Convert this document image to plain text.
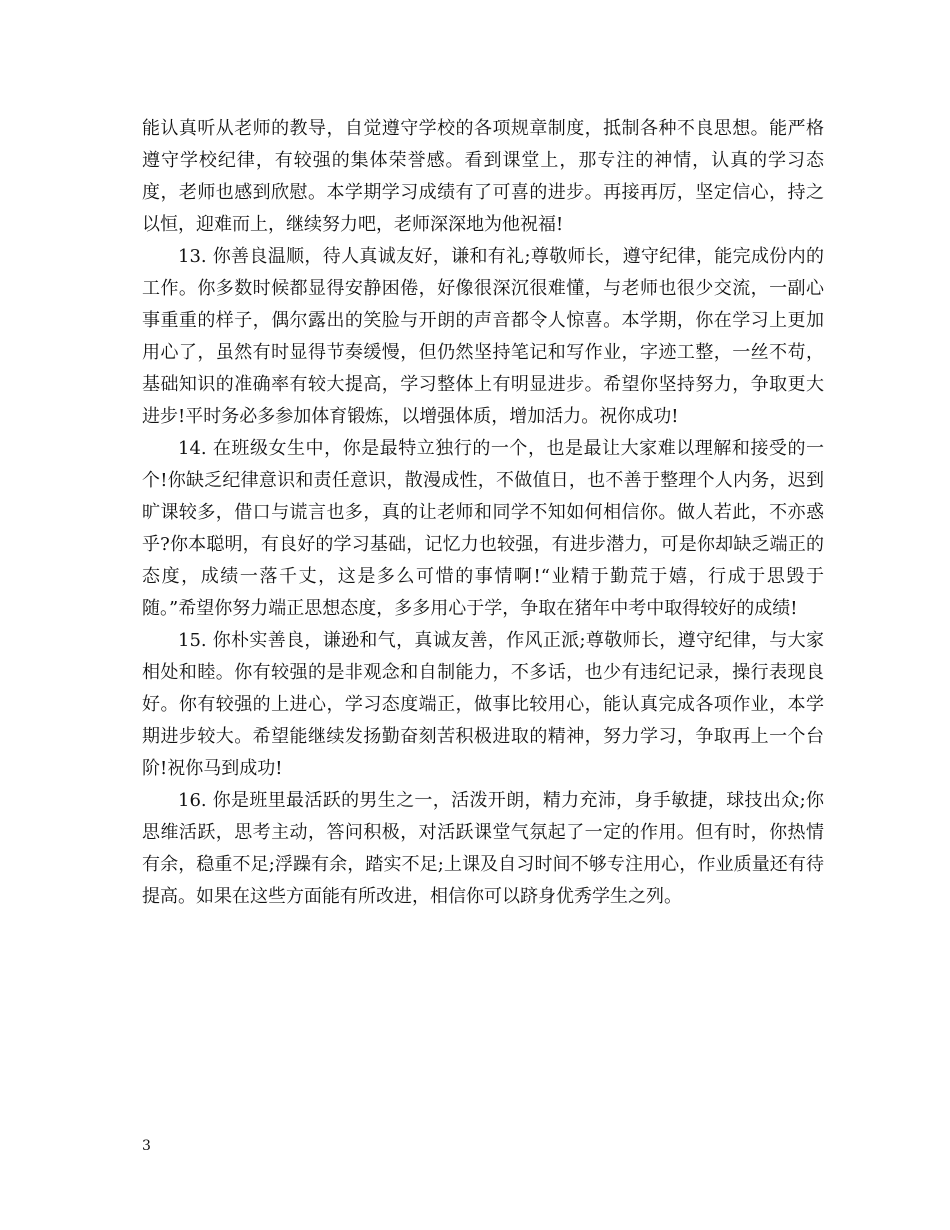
能认真听从老师的教导，自觉遵守学校的各项规章制度，抵制各种不良思想。能严格遵守学校纪律，有较强的集体荣誉感。看到课堂上，那专注的神情，认真的学习态度，老师也感到欣慰。本学期学习成绩有了可喜的进步。再接再厉，坚定信心，持之以恒，迎难而上，继续努力吧，老师深深地为他祝福!

13. 你善良温顺，待人真诚友好，谦和有礼;尊敬师长，遵守纪律，能完成份内的工作。你多数时候都显得安静困倦，好像很深沉很难懂，与老师也很少交流，一副心事重重的样子，偶尔露出的笑脸与开朗的声音都令人惊喜。本学期，你在学习上更加用心了，虽然有时显得节奏缓慢，但仍然坚持笔记和写作业，字迹工整，一丝不苟，基础知识的准确率有较大提高，学习整体上有明显进步。希望你坚持努力，争取更大进步!平时务必多参加体育锻炼，以增强体质，增加活力。祝你成功!

14. 在班级女生中，你是最特立独行的一个，也是最让大家难以理解和接受的一个!你缺乏纪律意识和责任意识，散漫成性，不做值日，也不善于整理个人内务，迟到旷课较多，借口与谎言也多，真的让老师和同学不知如何相信你。做人若此，不亦惑乎?你本聪明，有良好的学习基础，记忆力也较强，有进步潜力，可是你却缺乏端正的态度，成绩一落千丈，这是多么可惜的事情啊!“业精于勤荒于嬉，行成于思毁于随。”希望你努力端正思想态度，多多用心于学，争取在猪年中考中取得较好的成绩!

15. 你朴实善良，谦逊和气，真诚友善，作风正派;尊敬师长，遵守纪律，与大家相处和睦。你有较强的是非观念和自制能力，不多话，也少有违纪记录，操行表现良好。你有较强的上进心，学习态度端正，做事比较用心，能认真完成各项作业，本学期进步较大。希望能继续发扬勤奋刻苦积极进取的精神，努力学习，争取再上一个台阶!祝你马到成功!

16. 你是班里最活跃的男生之一，活泼开朗，精力充沛，身手敏捷，球技出众;你思维活跃，思考主动，答问积极，对活跃课堂气氛起了一定的作用。但有时，你热情有余，稳重不足;浮躁有余，踏实不足;上课及自习时间不够专注用心，作业质量还有待提高。如果在这些方面能有所改进，相信你可以跻身优秀学生之列。

3
